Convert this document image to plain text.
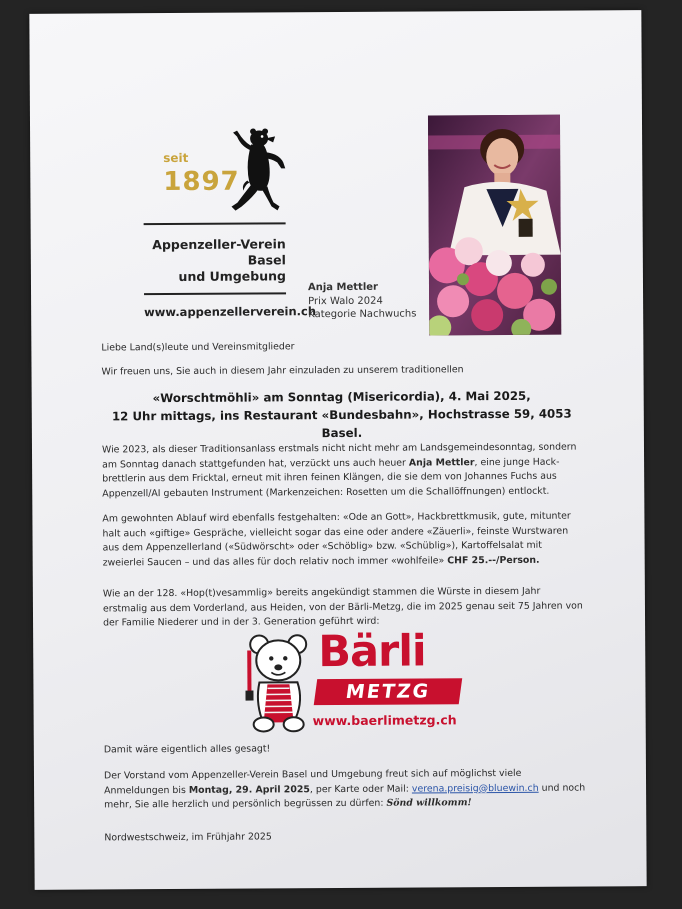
seit
1897
Appenzeller-Verein
Basel
und Umgebung
www.appenzellerverein.ch
Anja Mettler
Prix Walo 2024
Kategorie Nachwuchs
Liebe Land(s)leute und Vereinsmitglieder
Wir freuen uns, Sie auch in diesem Jahr einzuladen zu unserem traditionellen
«Worschtmöhli» am Sonntag (Misericordia), 4. Mai 2025,
12 Uhr mittags, ins Restaurant «Bundesbahn», Hochstrasse 59, 4053 Basel.
Wie 2023, als dieser Traditionsanlass erstmals nicht nicht mehr am Landsgemeindesonntag, sondern am Sonntag danach stattgefunden hat, verzückt uns auch heuer Anja Mettler, eine junge Hack-brettlerin aus dem Fricktal, erneut mit ihren feinen Klängen, die sie dem von Johannes Fuchs aus Appenzell/AI gebauten Instrument (Markenzeichen: Rosetten um die Schallöffnungen) entlockt.
Am gewohnten Ablauf wird ebenfalls festgehalten: «Ode an Gott», Hackbrettkmusik, gute, mitunter halt auch «giftige» Gespräche, vielleicht sogar das eine oder andere «Zäuerli», feinste Wurstwaren aus dem Appenzellerland («Südwörscht» oder «Schöblig» bzw. «Schüblig»), Kartoffelsalat mit zweierlei Saucen – und das alles für doch relativ noch immer «wohlfeile» CHF 25.--/Person.
Wie an der 128. «Hop(t)vesammlig» bereits angekündigt stammen die Würste in diesem Jahr erstmalig aus dem Vorderland, aus Heiden, von der Bärli-Metzg, die im 2025 genau seit 75 Jahren von der Familie Niederer und in der 3. Generation geführt wird:
Bärli
METZG
www.baerlimetzg.ch
Damit wäre eigentlich alles gesagt!
Der Vorstand vom Appenzeller-Verein Basel und Umgebung freut sich auf möglichst viele Anmeldungen bis Montag, 29. April 2025, per Karte oder Mail: verena.preisig@bluewin.ch und noch mehr, Sie alle herzlich und persönlich begrüssen zu dürfen: Sönd willkomm!
Nordwestschweiz, im Frühjahr 2025
